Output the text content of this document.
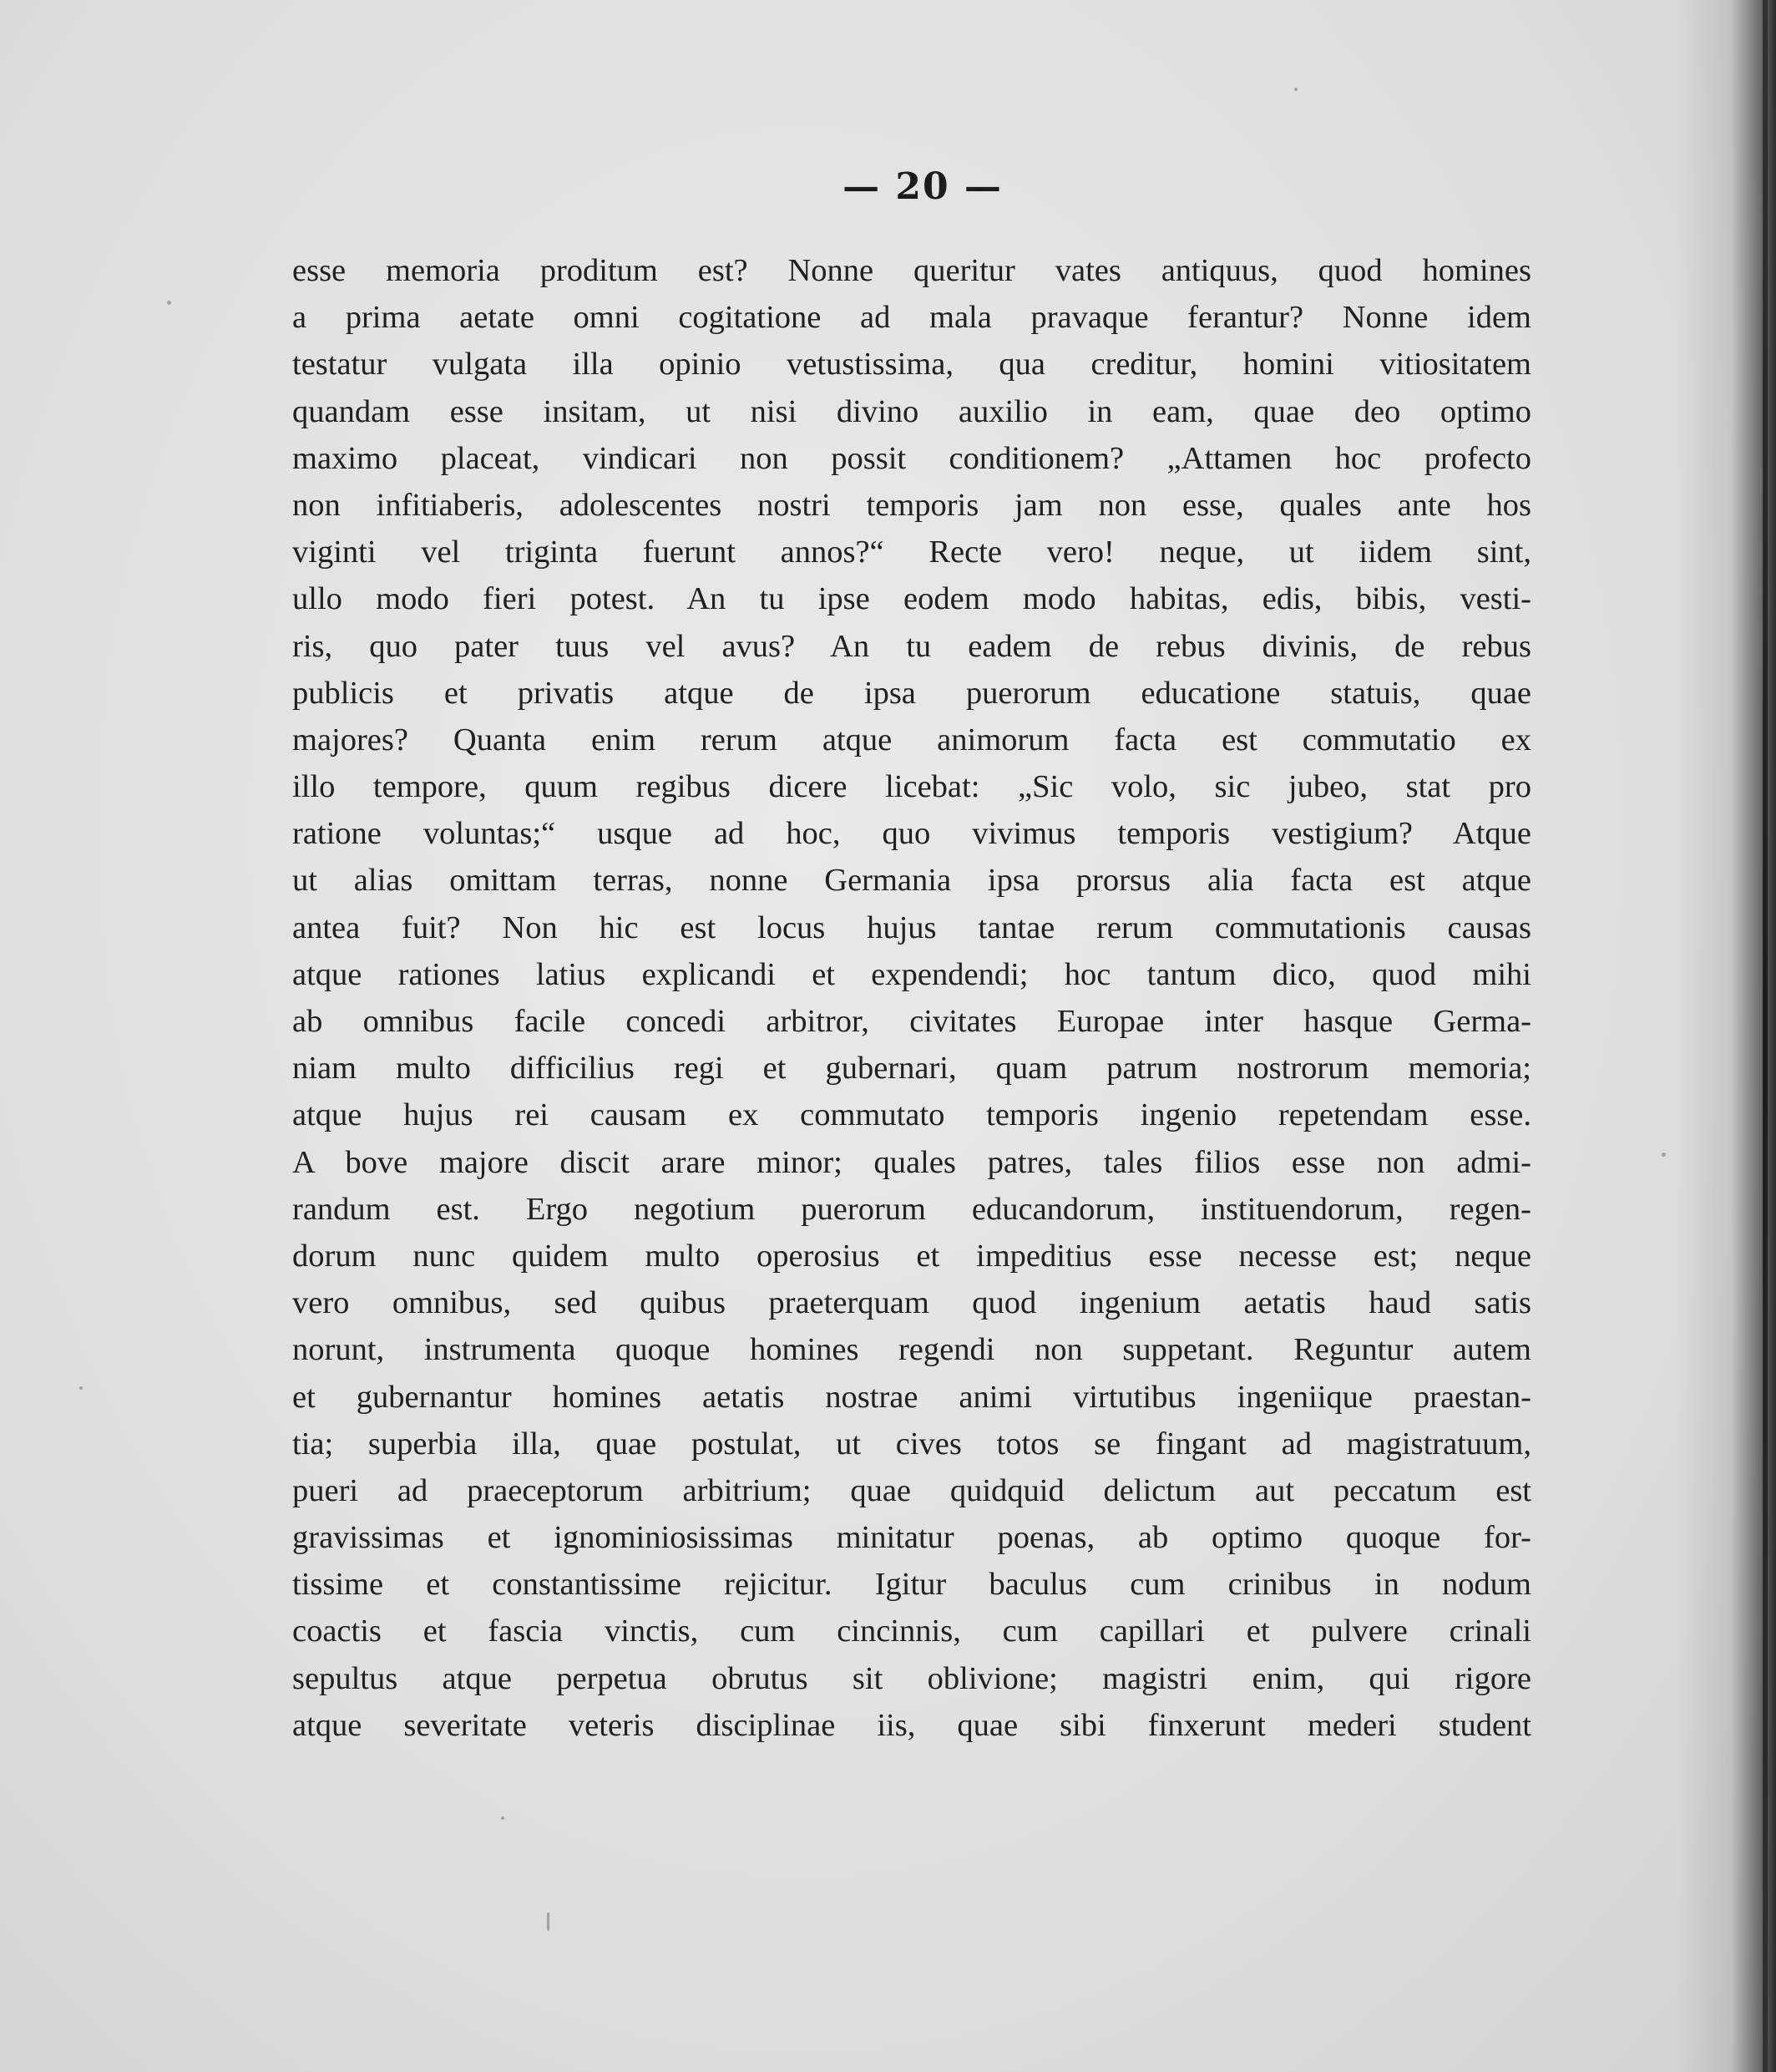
— 20 —
esse memoria proditum est? Nonne queritur vates antiquus, quod homines
a prima aetate omni cogitatione ad mala pravaque ferantur? Nonne idem
testatur vulgata illa opinio vetustissima, qua creditur, homini vitiositatem
quandam esse insitam, ut nisi divino auxilio in eam, quae deo optimo
maximo placeat, vindicari non possit conditionem? „Attamen hoc profecto
non infitiaberis, adolescentes nostri temporis jam non esse, quales ante hos
viginti vel triginta fuerunt annos?“ Recte vero! neque, ut iidem sint,
ullo modo fieri potest. An tu ipse eodem modo habitas, edis, bibis, vesti-
ris, quo pater tuus vel avus? An tu eadem de rebus divinis, de rebus
publicis et privatis atque de ipsa puerorum educatione statuis, quae
majores? Quanta enim rerum atque animorum facta est commutatio ex
illo tempore, quum regibus dicere licebat: „Sic volo, sic jubeo, stat pro
ratione voluntas;“ usque ad hoc, quo vivimus temporis vestigium? Atque
ut alias omittam terras, nonne Germania ipsa prorsus alia facta est atque
antea fuit? Non hic est locus hujus tantae rerum commutationis causas
atque rationes latius explicandi et expendendi; hoc tantum dico, quod mihi
ab omnibus facile concedi arbitror, civitates Europae inter hasque Germa-
niam multo difficilius regi et gubernari, quam patrum nostrorum memoria;
atque hujus rei causam ex commutato temporis ingenio repetendam esse.
A bove majore discit arare minor; quales patres, tales filios esse non admi-
randum est. Ergo negotium puerorum educandorum, instituendorum, regen-
dorum nunc quidem multo operosius et impeditius esse necesse est; neque
vero omnibus, sed quibus praeterquam quod ingenium aetatis haud satis
norunt, instrumenta quoque homines regendi non suppetant. Reguntur autem
et gubernantur homines aetatis nostrae animi virtutibus ingeniique praestan-
tia; superbia illa, quae postulat, ut cives totos se fingant ad magistratuum,
pueri ad praeceptorum arbitrium; quae quidquid delictum aut peccatum est
gravissimas et ignominiosissimas minitatur poenas, ab optimo quoque for-
tissime et constantissime rejicitur. Igitur baculus cum crinibus in nodum
coactis et fascia vinctis, cum cincinnis, cum capillari et pulvere crinali
sepultus atque perpetua obrutus sit oblivione; magistri enim, qui rigore
atque severitate veteris disciplinae iis, quae sibi finxerunt mederi student
